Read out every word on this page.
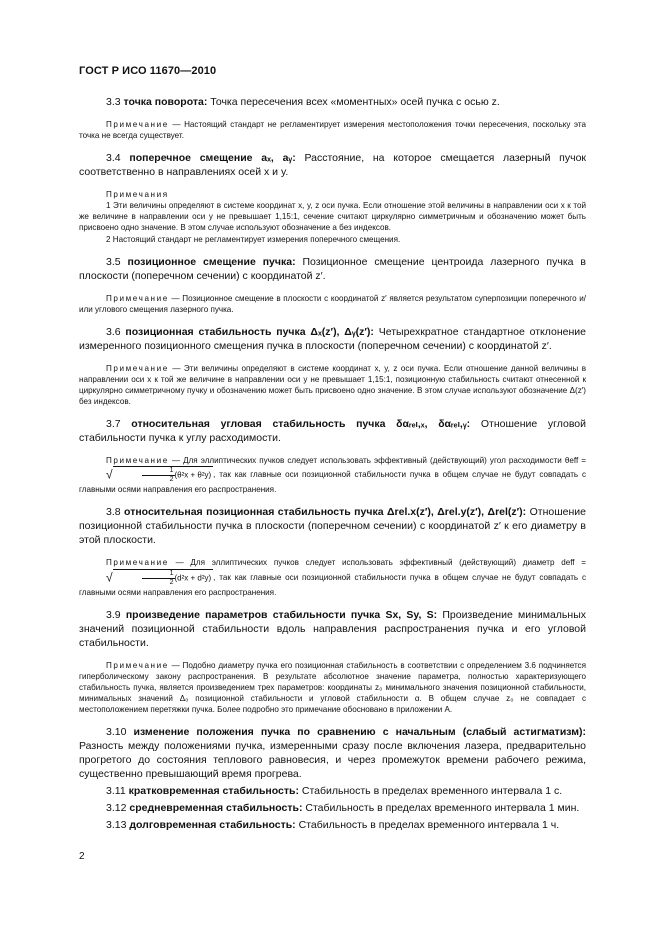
ГОСТ Р ИСО 11670—2010

3.3 точка поворота: Точка пересечения всех «моментных» осей пучка с осью z.

Примечание — Настоящий стандарт не регламентирует измерения местоположения точки пересечения, поскольку эта точка не всегда существует.

3.4 поперечное смещение aₓ, aᵧ: Расстояние, на которое смещается лазерный пучок соответственно в направлениях осей x и y.

Примечания

1 Эти величины определяют в системе координат x, y, z оси пучка. Если отношение этой величины в направлении оси x к той же величине в направлении оси y не превышает 1,15:1, сечение считают циркулярно симметричным и обозначению может быть присвоено одно значение. В этом случае используют обозначение a без индексов.

2 Настоящий стандарт не регламентирует измерения поперечного смещения.

3.5 позиционное смещение пучка: Позиционное смещение центроида лазерного пучка в плоскости (поперечном сечении) с координатой z′.

Примечание — Позиционное смещение в плоскости с координатой z′ является результатом суперпозиции поперечного и/или углового смещения лазерного пучка.

3.6 позиционная стабильность пучка Δₓ(z′), Δᵧ(z′): Четырехкратное стандартное отклонение измеренного позиционного смещения пучка в плоскости (поперечном сечении) с координатой z′.

Примечание — Эти величины определяют в системе координат x, y, z оси пучка. Если отношение данной величины в направлении оси x к той же величине в направлении оси y не превышает 1,15:1, позиционную стабильность считают отнесенной к циркулярно симметричному пучку и обозначению может быть присвоено одно значение. В этом случае используют обозначение Δ(z′) без индексов.

3.7 относительная угловая стабильность пучка δαᵣₑₗ,ₓ, δαᵣₑₗ,ᵧ: Отношение угловой стабильности пучка к углу расходимости.

Примечание — Для эллиптических пучков следует использовать эффективный (действующий) угол расходимости θeff = √	$\frac{1}{2} (\theta^2x + \theta^2y)$ , так как главные оси позиционной стабильности пучка в общем случае не будут совпадать с главными осями направления его распространения.

3.8 относительная позиционная стабильность пучка Δrel.x(z′), Δrel.y(z′), Δrel(z′): Отношение позиционной стабильности пучка в плоскости (поперечном сечении) с координатой z′ к его диаметру в этой плоскости.

Примечание — Для эллиптических пучков следует использовать эффективный (действующий) диаметр deff = √	$\frac{1}{2} (d^2x + d^2y)$ , так как главные оси позиционной стабильности пучка в общем случае не будут совпадать с главными осями направления его распространения.

3.9 произведение параметров стабильности пучка Sx, Sy, S: Произведение минимальных значений позиционной стабильности вдоль направления распространения пучка и его угловой стабильности.

Примечание — Подобно диаметру пучка его позиционная стабильность в соответствии с определением 3.6 подчиняется гиперболическому закону распространения. В результате абсолютное значение параметра, полностью характеризующего стабильность пучка, является произведением трех параметров: координаты z₀ минимального значения позиционной стабильности, минимальных значений Δ₀ позиционной стабильности и угловой стабильности α. В общем случае z₀ не совпадает с местоположением перетяжки пучка. Более подробно это примечание обосновано в приложении А.

3.10 изменение положения пучка по сравнению с начальным (слабый астигматизм): Разность между положениями пучка, измеренными сразу после включения лазера, предварительно прогретого до состояния теплового равновесия, и через промежуток времени рабочего режима, существенно превышающий время прогрева.

3.11 кратковременная стабильность: Стабильность в пределах временного интервала 1 с.

3.12 средневременная стабильность: Стабильность в пределах временного интервала 1 мин.

3.13 долговременная стабильность: Стабильность в пределах временного интервала 1 ч.

2
